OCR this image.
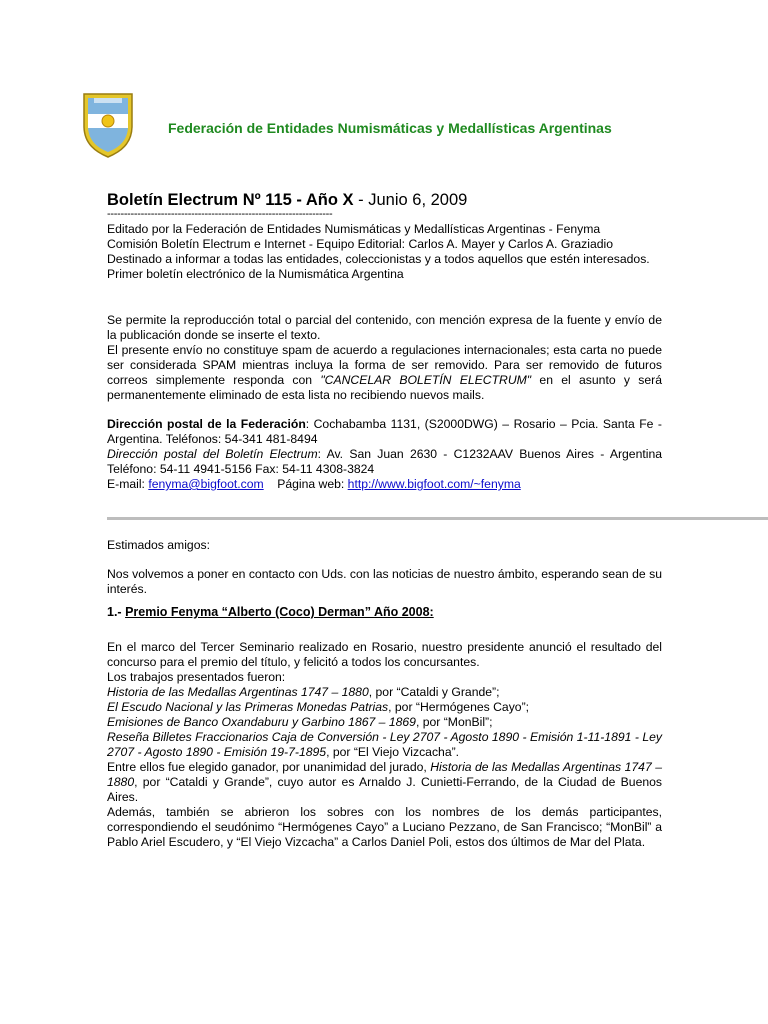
Federación de Entidades Numismáticas y Medallísticas Argentinas
Boletín Electrum Nº 115 - Año X - Junio 6, 2009
-------------------------------------------------------------------
Editado por la Federación de Entidades Numismáticas y Medallísticas Argentinas - Fenyma
Comisión Boletín Electrum e Internet - Equipo Editorial: Carlos A. Mayer y Carlos A. Graziadio
Destinado a informar a todas las entidades, coleccionistas y a todos aquellos que estén interesados.
Primer boletín electrónico de la Numismática Argentina
Se permite la reproducción total o parcial del contenido, con mención expresa de la fuente y envío de la publicación donde se inserte el texto.
El presente envío no constituye spam de acuerdo a regulaciones internacionales; esta carta no puede ser considerada SPAM mientras incluya la forma de ser removido. Para ser removido de futuros correos simplemente responda con "CANCELAR BOLETÍN ELECTRUM" en el asunto y será permanentemente eliminado de esta lista no recibiendo nuevos mails.
Dirección postal de la Federación: Cochabamba 1131, (S2000DWG) – Rosario – Pcia. Santa Fe - Argentina. Teléfonos: 54-341 481-8494
Dirección postal del Boletín Electrum: Av. San Juan 2630 - C1232AAV Buenos Aires - Argentina Teléfono: 54-11 4941-5156 Fax: 54-11 4308-3824
E-mail: fenyma@bigfoot.com Página web: http://www.bigfoot.com/~fenyma
Estimados amigos:
Nos volvemos a poner en contacto con Uds. con las noticias de nuestro ámbito, esperando sean de su interés.
1.- Premio Fenyma “Alberto (Coco) Derman” Año 2008:
En el marco del Tercer Seminario realizado en Rosario, nuestro presidente anunció el resultado del concurso para el premio del título, y felicitó a todos los concursantes.
Los trabajos presentados fueron:
Historia de las Medallas Argentinas 1747 – 1880, por “Cataldi y Grande”;
El Escudo Nacional y las Primeras Monedas Patrias, por “Hermógenes Cayo”;
Emisiones de Banco Oxandaburu y Garbino 1867 – 1869, por “MonBil”;
Reseña Billetes Fraccionarios Caja de Conversión - Ley 2707 - Agosto 1890 - Emisión 1-11-1891 - Ley 2707 - Agosto 1890 - Emisión 19-7-1895, por “El Viejo Vizcacha”.
Entre ellos fue elegido ganador, por unanimidad del jurado, Historia de las Medallas Argentinas 1747 – 1880, por “Cataldi y Grande”, cuyo autor es Arnaldo J. Cunietti-Ferrando, de la Ciudad de Buenos Aires.
Además, también se abrieron los sobres con los nombres de los demás participantes, correspondiendo el seudónimo “Hermógenes Cayo” a Luciano Pezzano, de San Francisco; “MonBil” a Pablo Ariel Escudero, y “El Viejo Vizcacha” a Carlos Daniel Poli, estos dos últimos de Mar del Plata.
